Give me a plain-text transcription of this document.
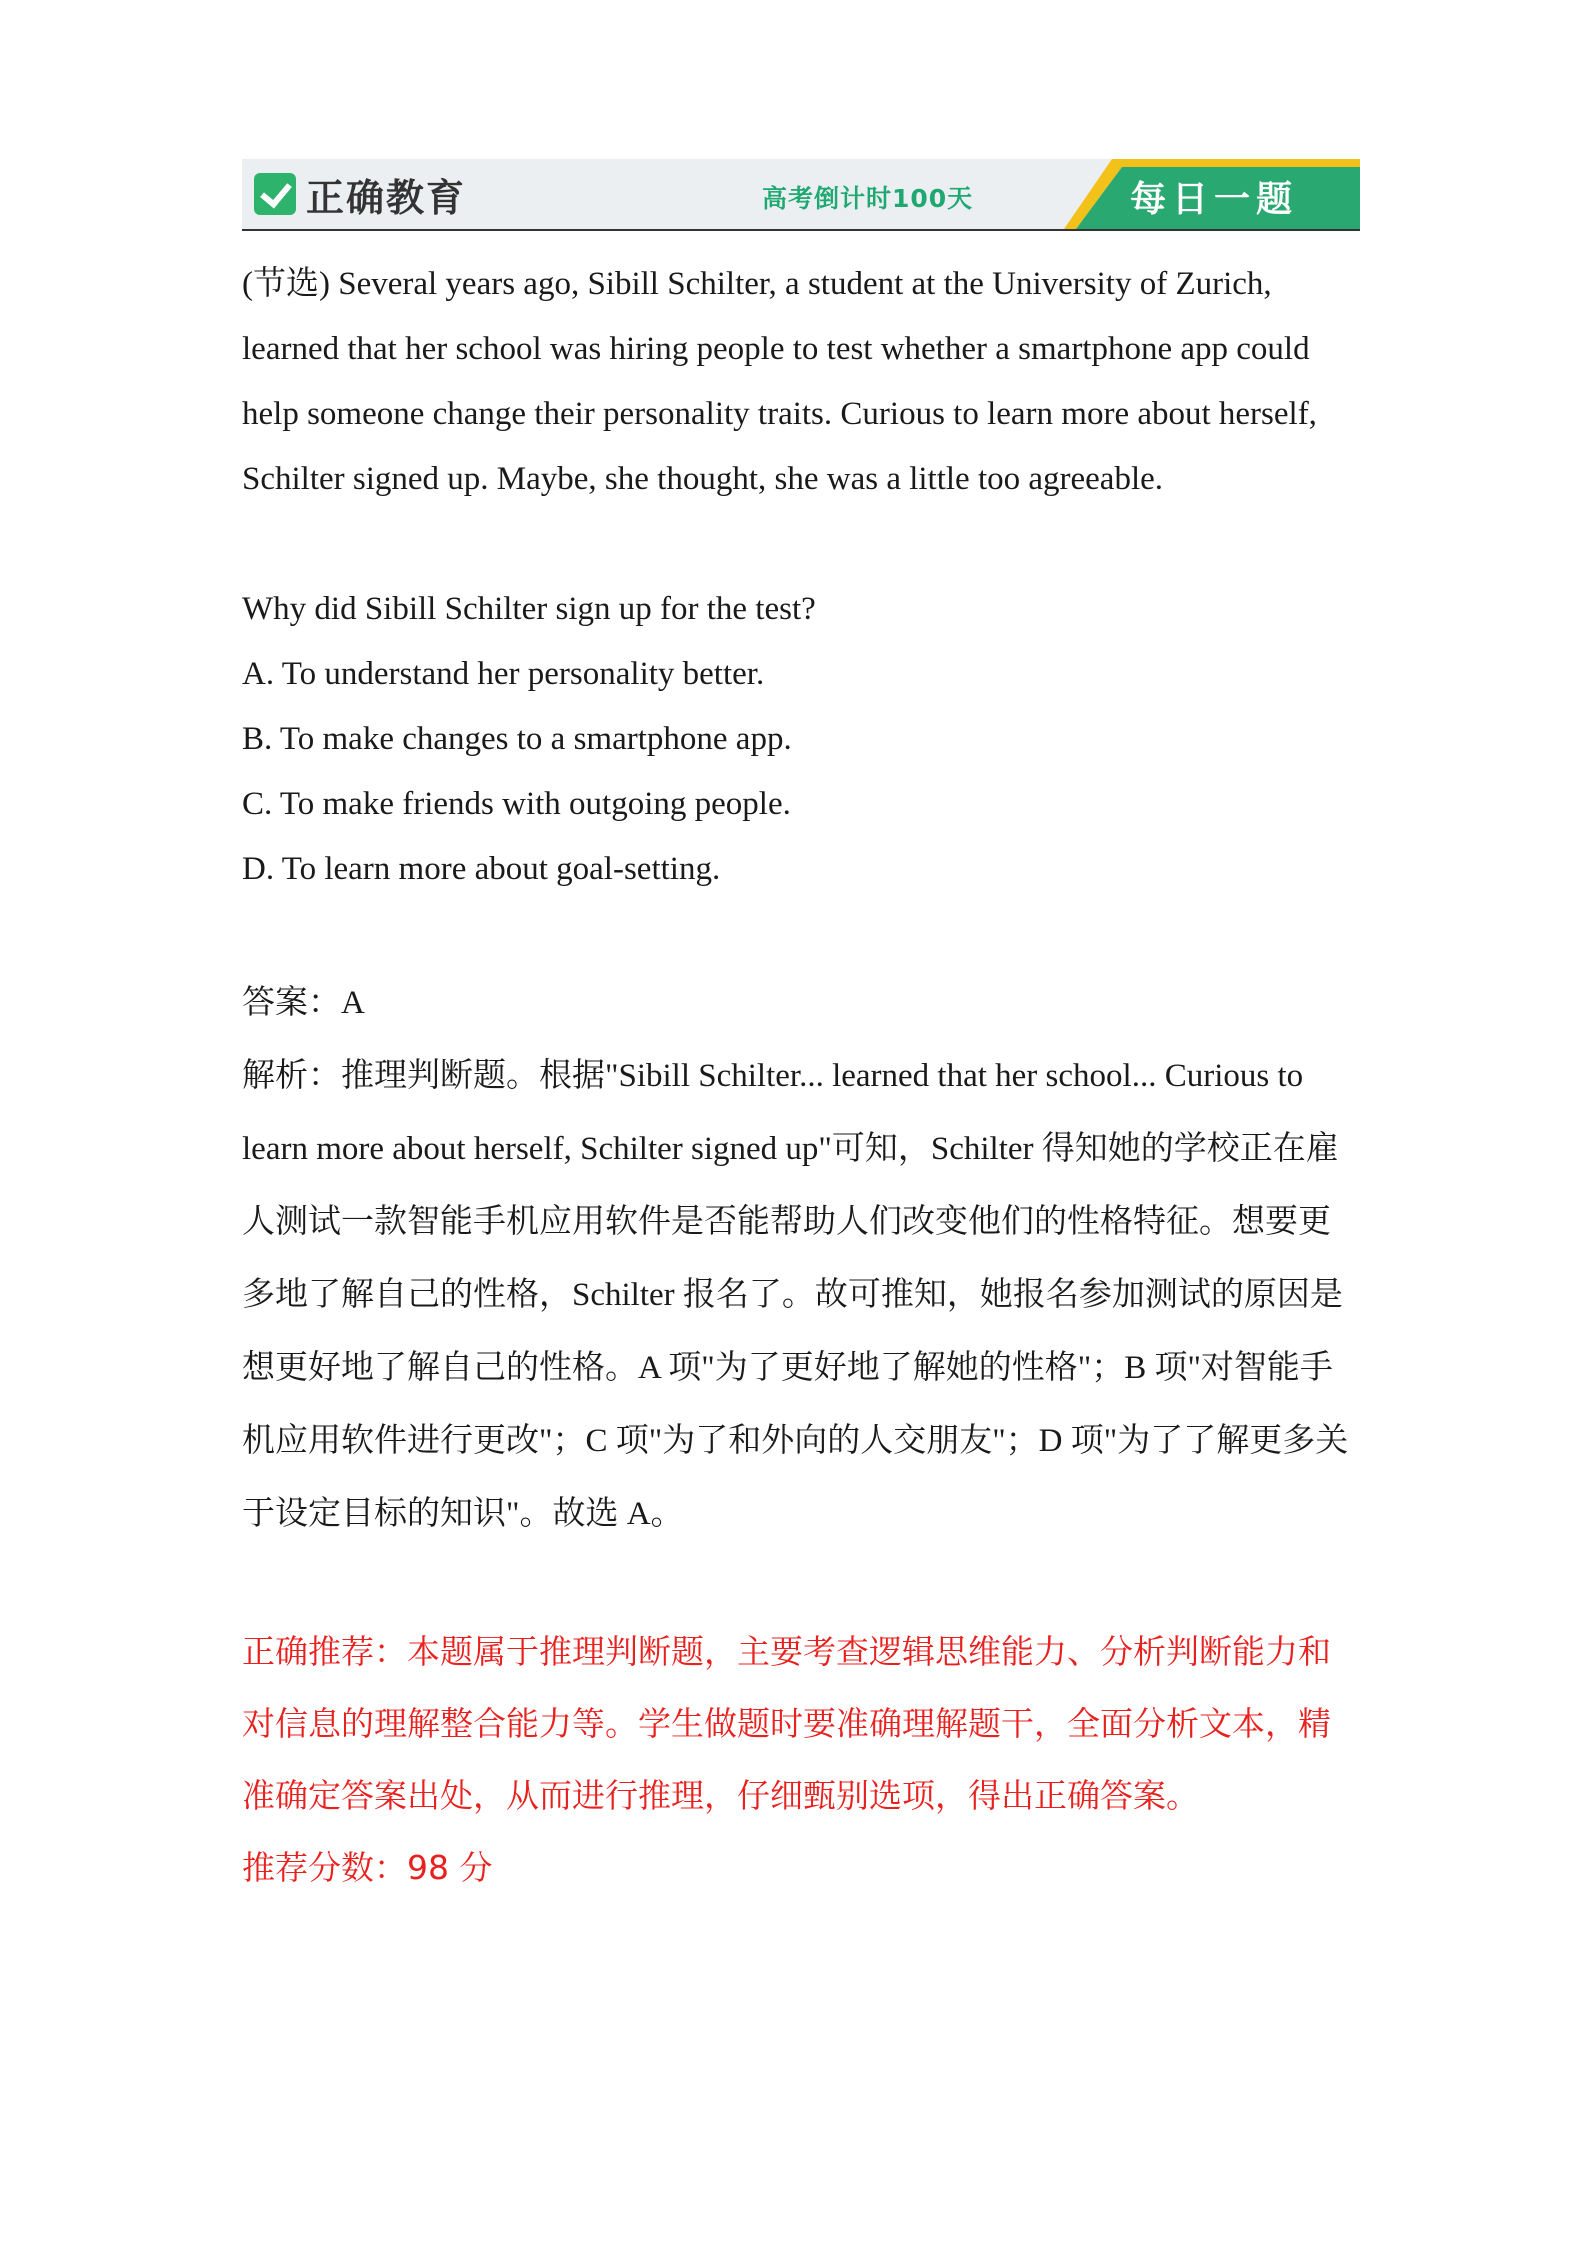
正确教育	高考倒计时100天	每日一题

(节选) Several years ago, Sibill Schilter, a student at the University of Zurich, learned that her school was hiring people to test whether a smartphone app could help someone change their personality traits. Curious to learn more about herself, Schilter signed up. Maybe, she thought, she was a little too agreeable.

Why did Sibill Schilter sign up for the test?

A. To understand her personality better.

B. To make changes to a smartphone app.

C. To make friends with outgoing people.

D. To learn more about goal-setting.

答案：A

解析：推理判断题。根据"Sibill Schilter... learned that her school... Curious to learn more about herself, Schilter signed up"可知，Schilter 得知她的学校正在雇人测试一款智能手机应用软件是否能帮助人们改变他们的性格特征。想要更多地了解自己的性格，Schilter 报名了。故可推知，她报名参加测试的原因是想更好地了解自己的性格。A 项"为了更好地了解她的性格"；B 项"对智能手机应用软件进行更改"；C 项"为了和外向的人交朋友"；D 项"为了了解更多关于设定目标的知识"。故选 A。

正确推荐：本题属于推理判断题，主要考查逻辑思维能力、分析判断能力和对信息的理解整合能力等。学生做题时要准确理解题干，全面分析文本，精准确定答案出处，从而进行推理，仔细甄别选项，得出正确答案。

推荐分数：98 分
